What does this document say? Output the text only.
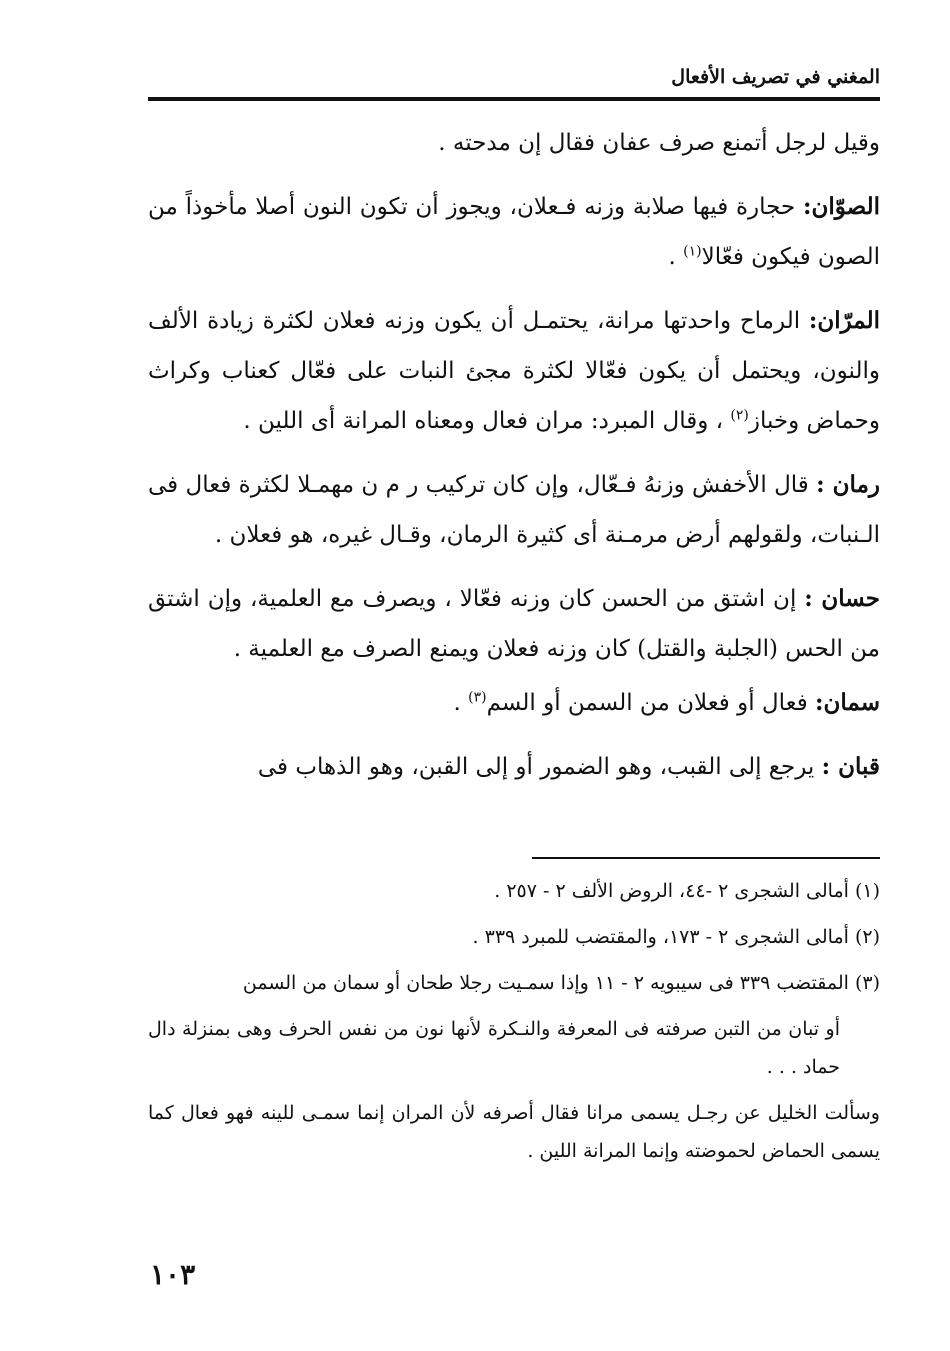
المغني في تصريف الأفعال

وقيل لرجل أتمنع صرف عفان فقال إن مدحته .

الصوّان: حجارة فيها صلابة وزنه فـعلان، ويجوز أن تكون النون أصلا مأخوذاً من الصون فيكون فعّالا$^{(١)}$ .

المرّان: الرماح واحدتها مرانة، يحتمـل أن يكون وزنه فعلان لكثرة زيادة الألف والنون، ويحتمل أن يكون فعّالا لكثرة مجئ النبات على فعّال كعناب وكراث وحماض وخباز$^{(٢)}$ ، وقال المبرد: مران فعال ومعناه المرانة أى اللين .

رمان : قال الأخفش وزنهُ فـعّال، وإن كان تركيب ر م ن مهمـلا لكثرة فعال فى الـنبات، ولقولهم أرض مرمـنة أى كثيرة الرمان، وقـال غيره، هو فعلان .

حسان : إن اشتق من الحسن كان وزنه فعّالا ، ويصرف مع العلمية، وإن اشتق من الحس (الجلبة والقتل) كان وزنه فعلان ويمنع الصرف مع العلمية .

سمان: فعال أو فعلان من السمن أو السم$^{(٣)}$ .

قبان : يرجع إلى القبب، وهو الضمور أو إلى القبن، وهو الذهاب فى

(١) أمالى الشجرى ٢ -٤٤، الروض الألف ٢ - ٢٥٧ .

(٢) أمالى الشجرى ٢ - ١٧٣، والمقتضب للمبرد ٣٣٩ .

(٣) المقتضب ٣٣٩ فى سيبويه ٢ - ١١ وإذا سمـيت رجلا طحان أو سمان من السمن

أو تبان من التبن صرفته فى المعرفة والنـكرة لأنها نون من نفس الحرف وهى بمنزلة دال حماد . . .

وسألت الخليل عن رجـل يسمى مرانا فقال أصرفه لأن المران إنما سمـى للينه فهو فعال كما يسمى الحماض لحموضته وإنما المرانة اللين .

١٠٣
